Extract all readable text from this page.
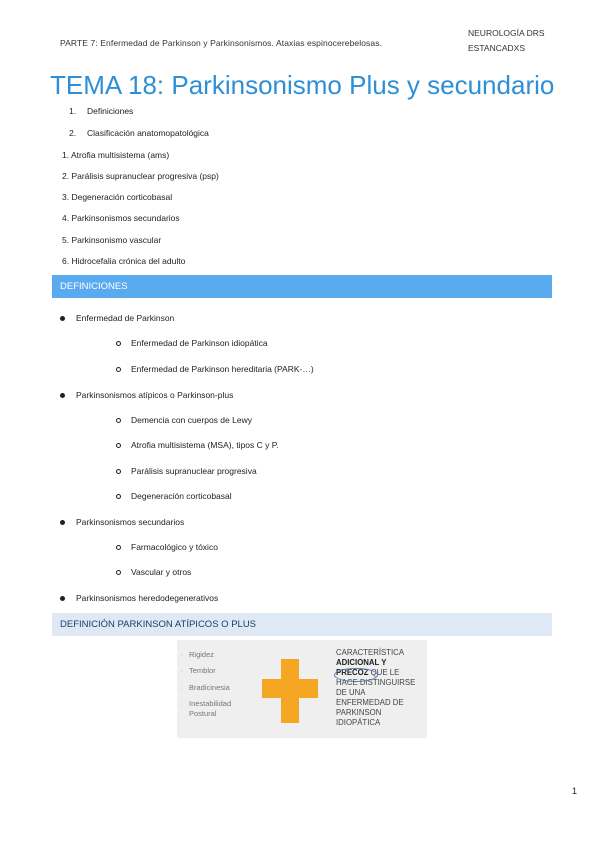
PARTE 7: Enfermedad de Parkinson y Parkinsonismos. Ataxias espinocerebelosas.
NEUROLOGÍA DRS
ESTANCADXS
TEMA 18: Parkinsonismo Plus y secundario
1. Definiciones
2. Clasificación anatomopatológica
1. Atrofia multisistema (ams)
2. Parálisis supranuclear progresiva (psp)
3. Degeneración corticobasal
4. Parkinsonismos secundarios
5. Parkinsonismo vascular
6. Hidrocefalia crónica del adulto
DEFINICIONES
Enfermedad de Parkinson
Enfermedad de Parkinson idiopática
Enfermedad de Parkinson hereditaria (PARK-…)
Parkinsonismos atípicos o Parkinson-plus
Demencia con cuerpos de Lewy
Atrofia multisistema (MSA), tipos C y P.
Parálisis supranuclear progresiva
Degeneración corticobasal
Parkinsonismos secundarios
Farmacológico y tóxico
Vascular y otros
Parkinsonismos heredodegenerativos
DEFINICIÓN PARKINSON ATÍPICOS O PLUS
· Rigidez
· Temblor
· Bradicinesia
· Inestabilidad
Postural
CARACTERÍSTICA
ADICIONAL Y
PRECOZ QUE LE
HACE DISTINGUIRSE
DE UNA
ENFERMEDAD DE
PARKINSON
IDIOPÁTICA
1
